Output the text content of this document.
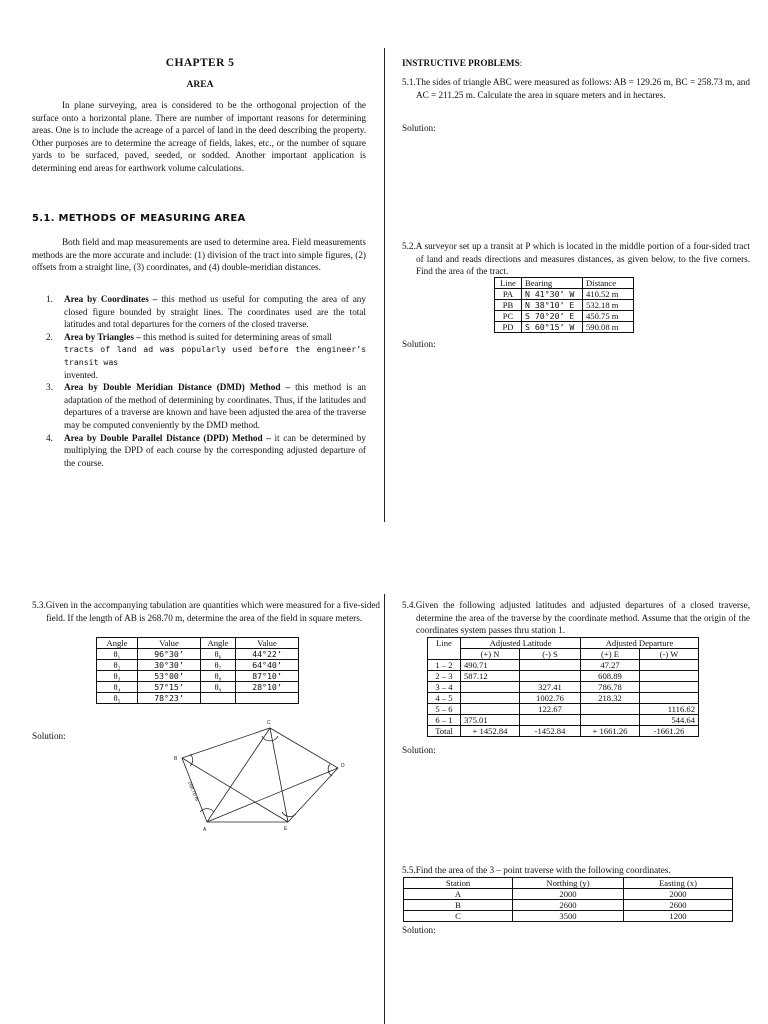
CHAPTER 5
AREA
In plane surveying, area is considered to be the orthogonal projection of the surface onto a horizontal plane. There are number of important reasons for determining areas. One is to include the acreage of a parcel of land in the deed describing the property. Other purposes are to determine the acreage of fields, lakes, etc., or the number of square yards to be surfaced, paved, seeded, or sodded. Another important application is determining end areas for earthwork volume calculations.
5.1. METHODS OF MEASURING AREA
Both field and map measurements are used to determine area. Field measurements methods are the more accurate and include: (1) division of the tract into simple figures, (2) offsets from a straight line, (3) coordinates, and (4) double-meridian distances.
1. Area by Coordinates – this method us useful for computing the area of any closed figure bounded by straight lines. The coordinates used are the total latitudes and total departures for the corners of the closed traverse.
2. Area by Triangles – this method is suited for determining areas of small
tracts of land ad was popularly used before the engineer’s transit was
invented.
3. Area by Double Meridian Distance (DMD) Method – this method is an adaptation of the method of determining by coordinates. Thus, if the latitudes and departures of a traverse are known and have been adjusted the area of the traverse may be computed conveniently by the DMD method.
4. Area by Double Parallel Distance (DPD) Method – it can be determined by multiplying the DPD of each course by the corresponding adjusted departure of the course.
INSTRUCTIVE PROBLEMS:
5.1.The sides of triangle ABC were measured as follows: AB = 129.26 m, BC = 258.73 m, and AC = 211.25 m. Calculate the area in square meters and in hectares.
Solution:
5.2.A surveyor set up a transit at P which is located in the middle portion of a four-sided tract of land and reads directions and measures distances, as given below, to the five corners. Find the area of the tract.
Line	Bearing	Distance
PA	N 41°30’ W	410.52 m
PB	N 38°10’ E	532.18 m
PC	S 70°20’ E	450.75 m
PD	S 60°15’ W	590.08 m
Solution:
5.3.Given in the accompanying tabulation are quantities which were measured for a five-sided field. If the length of AB is 268.70 m, determine the area of the field in square meters.
Angle	Value	Angle	Value
θ₁	96°30’	θ₆	44°22’
θ₂	30°30’	θ₇	64°40’
θ₃	53°00’	θ₈	87°10’
θ₄	57°15’	θ₉	28°10’
θ₅	78°23’		
Solution:
A
B
C
D
E
268.70 m
5.4.Given the following adjusted latitudes and adjusted departures of a closed traverse, determine the area of the traverse by the coordinate method. Assume that the origin of the coordinates system passes thru station 1.
Line	Adjusted Latitude		Adjusted Departure	
	(+) N	(-) S	(+) E	(-) W
1 – 2	490.71		47.27	
2 – 3	587.12		608.89	
3 – 4		327.41	786.78	
4 – 5		1002.76	218.32	
5 – 6		122.67		1116.62
6 – 1	375.01			544.64
Total	+ 1452.84	-1452.84	+ 1661.26	-1661.26
Solution:
5.5.Find the area of the 3 – point traverse with the following coordinates.
Station	Northing (y)	Easting (x)
A	2000	2000
B	2600	2600
C	3500	1200
Solution:
